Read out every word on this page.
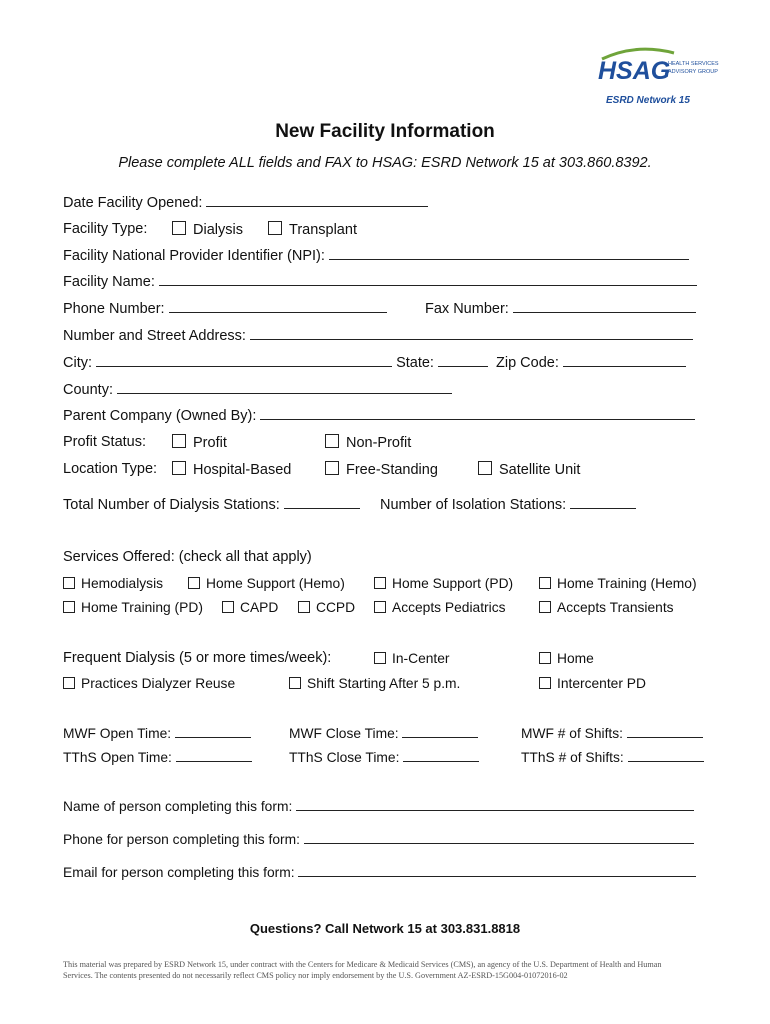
HSAG
HEALTH SERVICES
ADVISORY GROUP
ESRD Network 15
New Facility Information
Please complete ALL fields and FAX to HSAG: ESRD Network 15 at 303.860.8392.
Date Facility Opened:
Facility Type:	Dialysis	Transplant
Facility National Provider Identifier (NPI):
Facility Name:
Phone Number:	Fax Number:
Number and Street Address:
City:	State:	Zip Code:
County:
Parent Company (Owned By):
Profit Status:	Profit	Non-Profit
Location Type:	Hospital-Based	Free-Standing	Satellite Unit
Total Number of Dialysis Stations:	Number of Isolation Stations:
Services Offered: (check all that apply)
Hemodialysis	Home Support (Hemo)	Home Support (PD)	Home Training (Hemo)
Home Training (PD)	CAPD	CCPD	Accepts Pediatrics	Accepts Transients
Frequent Dialysis (5 or more times/week):	In-Center	Home
Practices Dialyzer Reuse	Shift Starting After 5 p.m.	Intercenter PD
MWF Open Time:	MWF Close Time:	MWF # of Shifts:
TThS Open Time:	TThS Close Time:	TThS # of Shifts:
Name of person completing this form:
Phone for person completing this form:
Email for person completing this form:
Questions? Call Network 15 at 303.831.8818
This material was prepared by ESRD Network 15, under contract with the Centers for Medicare & Medicaid Services (CMS), an agency of the U.S. Department of Health and Human Services. The contents presented do not necessarily reflect CMS policy nor imply endorsement by the U.S. Government AZ-ESRD-15G004-01072016-02
